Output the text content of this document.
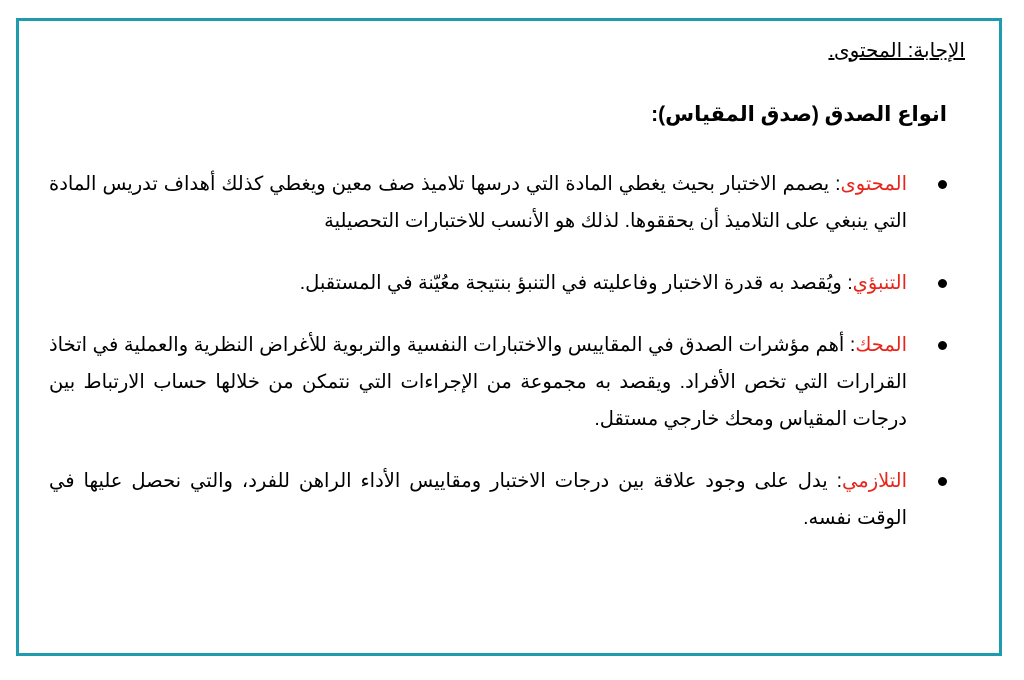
الإجابة: المحتوى.
انواع الصدق (صدق المقياس):
المحتوى: يصمم الاختبار بحيث يغطي المادة التي درسها تلاميذ صف معين ويغطي كذلك أهداف تدريس المادة التي ينبغي على التلاميذ أن يحققوها. لذلك هو الأنسب للاختبارات التحصيلية
التنبؤي: ويُقصد به قدرة الاختبار وفاعليته في التنبؤ بنتيجة معُيّنة في المستقبل.
المحك: أهم مؤشرات الصدق في المقاييس والاختبارات النفسية والتربوية للأغراض النظرية والعملية في اتخاذ القرارات التي تخص الأفراد. ويقصد به مجموعة من الإجراءات التي نتمكن من خلالها حساب الارتباط بين درجات المقياس ومحك خارجي مستقل.
التلازمي: يدل على وجود علاقة بين درجات الاختبار ومقاييس الأداء الراهن للفرد، والتي نحصل عليها في الوقت نفسه.
